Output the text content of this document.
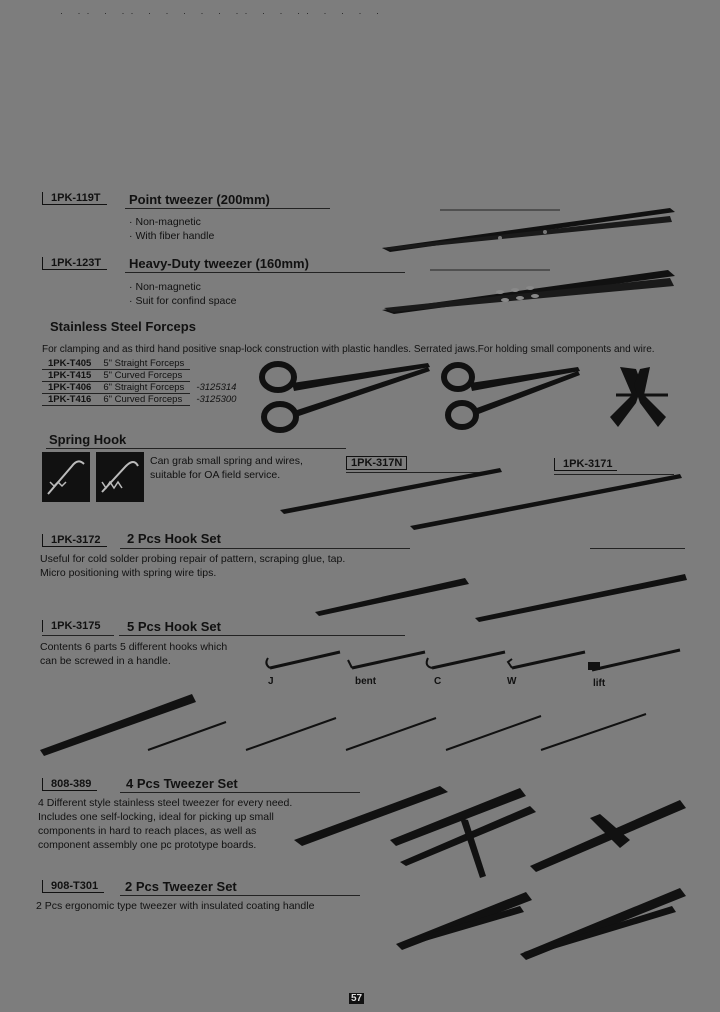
· ·· · ·· · · · · · ·· · · ·· · · · ·
1PK-119T	Point tweezer (200mm)
· Non-magnetic
· With fiber handle
1PK-123T	Heavy-Duty tweezer (160mm)
· Non-magnetic
· Suit for confind space
Stainless Steel Forceps
For clamping and as third hand positive snap-lock construction with plastic handles. Serrated jaws.For holding small components and wire.
1PK-T405	5" Straight Forceps	
1PK-T415	5" Curved Forceps	
1PK-T406	6" Straight Forceps	-3125314
1PK-T416	6" Curved Forceps	-3125300
Spring Hook
Can grab small spring and wires, suitable for OA field service.
1PK-317N	1PK-3171
1PK-3172	2 Pcs Hook Set
Useful for cold solder probing repair of pattern, scraping glue, tap. Micro positioning with spring wire tips.
1PK-3175	5 Pcs Hook Set
Contents 6 parts 5 different hooks which can be screwed in a handle.
J	bent	C	W	lift
808-389	4 Pcs Tweezer Set
4 Different style stainless steel tweezer for every need. Includes one self-locking, ideal for picking up small components in hard to reach places, as well as component assembly one pc prototype boards.
908-T301	2 Pcs Tweezer Set
2 Pcs ergonomic type tweezer with insulated coating handle
57
